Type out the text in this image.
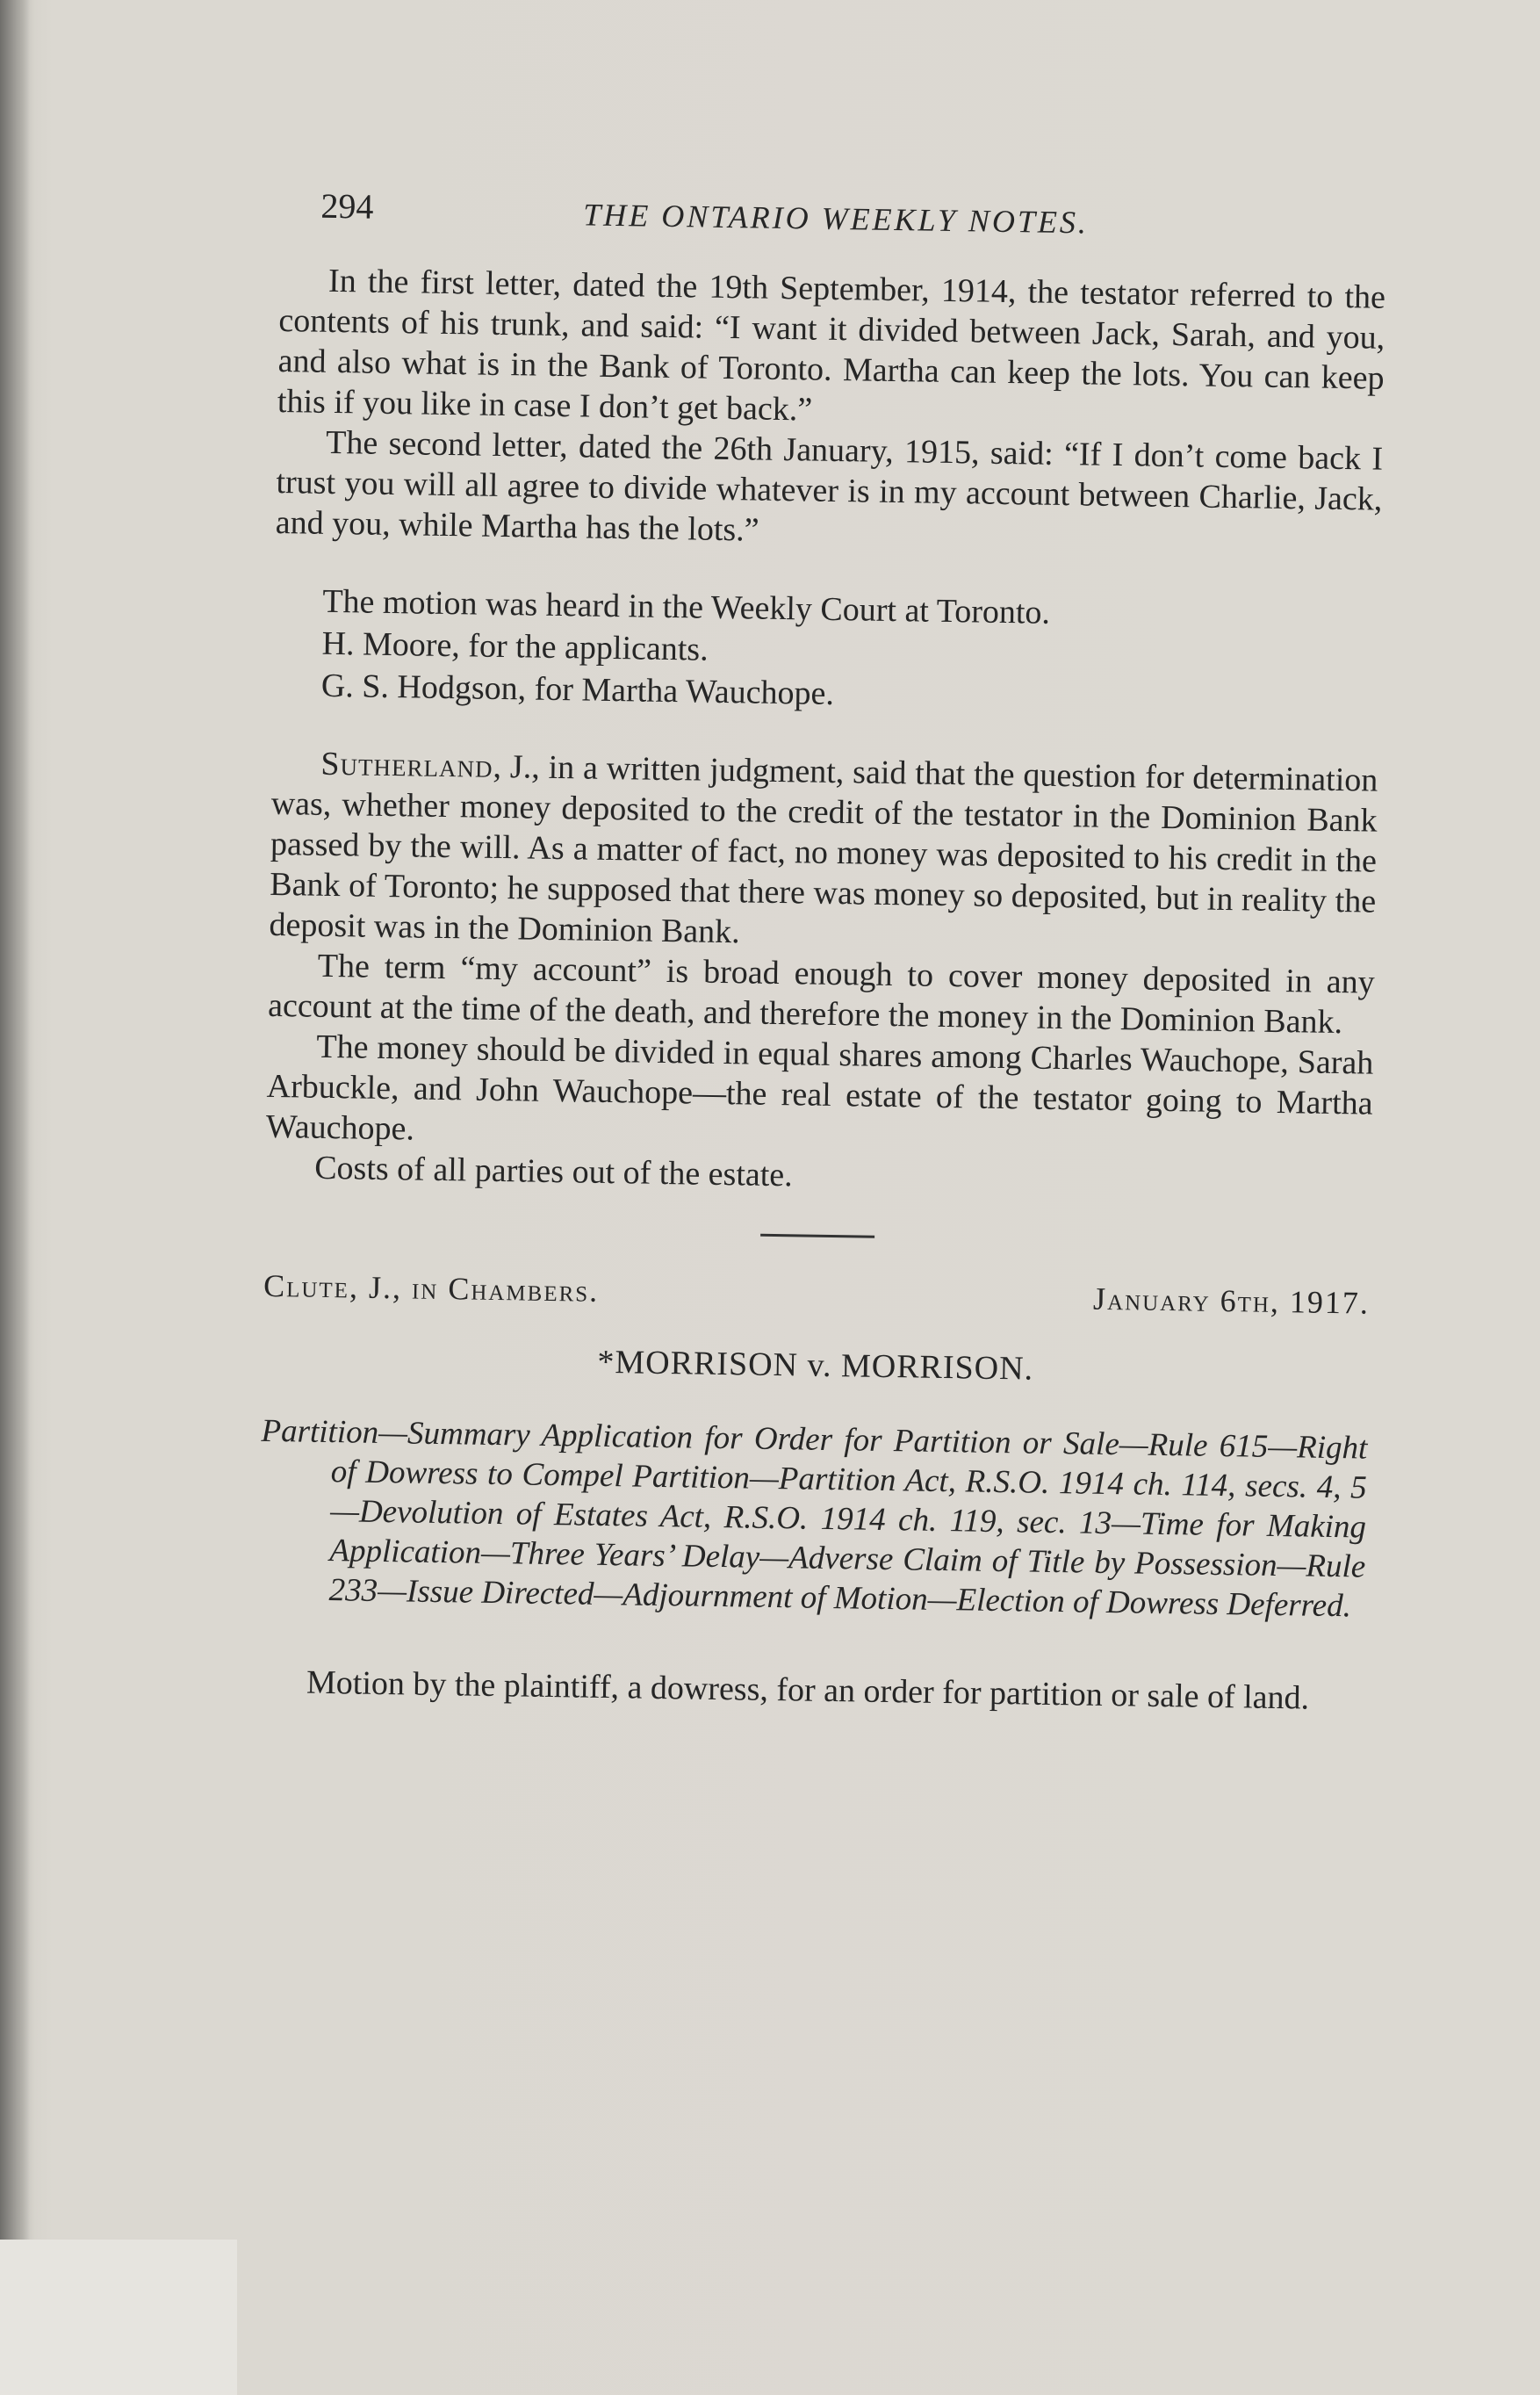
294	THE ONTARIO WEEKLY NOTES.

In the first letter, dated the 19th September, 1914, the testator referred to the contents of his trunk, and said: “I want it divided between Jack, Sarah, and you, and also what is in the Bank of Toronto. Martha can keep the lots. You can keep this if you like in case I don’t get back.”

The second letter, dated the 26th January, 1915, said: “If I don’t come back I trust you will all agree to divide whatever is in my account between Charlie, Jack, and you, while Martha has the lots.”

The motion was heard in the Weekly Court at Toronto.

H. Moore, for the applicants.

G. S. Hodgson, for Martha Wauchope.

Sutherland, J., in a written judgment, said that the question for determination was, whether money deposited to the credit of the testator in the Dominion Bank passed by the will. As a matter of fact, no money was deposited to his credit in the Bank of Toronto; he supposed that there was money so deposited, but in reality the deposit was in the Dominion Bank.

The term “my account” is broad enough to cover money deposited in any account at the time of the death, and therefore the money in the Dominion Bank.

The money should be divided in equal shares among Charles Wauchope, Sarah Arbuckle, and John Wauchope—the real estate of the testator going to Martha Wauchope.

Costs of all parties out of the estate.

Clute, J., in Chambers.	January 6th, 1917.
*MORRISON v. MORRISON.
Partition—Summary Application for Order for Partition or Sale—Rule 615—Right of Dowress to Compel Partition—Partition Act, R.S.O. 1914 ch. 114, secs. 4, 5—Devolution of Estates Act, R.S.O. 1914 ch. 119, sec. 13—Time for Making Application—Three Years’ Delay—Adverse Claim of Title by Possession—Rule 233—Issue Directed—Adjournment of Motion—Election of Dowress Deferred.

Motion by the plaintiff, a dowress, for an order for partition or sale of land.
